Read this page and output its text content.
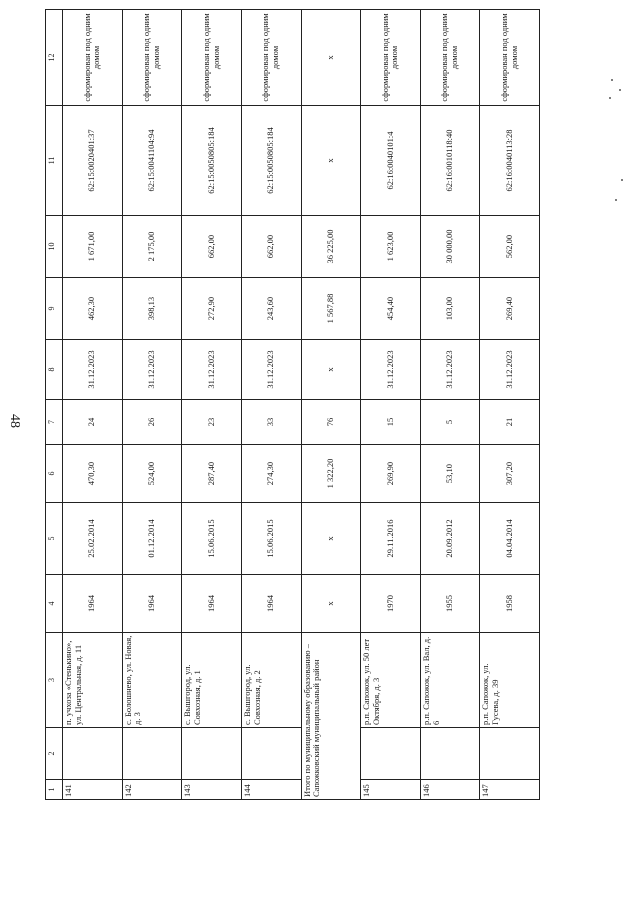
48
1	2	3	4	5	6	7	8	9	10	11	12
141		п. учхоза «Стенькино», ул. Центральная, д. 11	1964	25.02.2014	470,30	24	31.12.2023	462,30	1 671,00	62:15:0020401:37	сформирован под одним домом
142		с. Болошнево, ул. Новая, д. 3	1964	01.12.2014	524,00	26	31.12.2023	398,13	2 175,00	62:15:0041104:94	сформирован под одним домом
143		с. Вышгород, ул. Совхозная, д. 1	1964	15.06.2015	287,40	23	31.12.2023	272,90	662,00	62:15:0050805:184	сформирован под одним домом
144		с. Вышгород, ул. Совхозная, д. 2	1964	15.06.2015	274,30	33	31.12.2023	243,60	662,00	62:15:0050805:184	сформирован под одним домом
Итого по муниципальному образованию – Сапожковский муниципальный район			x	x	1 322,20	76	x	1 567,88	36 225,00	x	x
145		р.п. Сапожок, ул. 50 лет Октября, д. 3	1970	29.11.2016	269,90	15	31.12.2023	454,40	1 623,00	62:16:0040101:4	сформирован под одним домом
146		р.п. Сапожок, ул. Вал, д. 6	1955	20.09.2012	53,10	5	31.12.2023	103,00	30 000,00	62:16:0010118:40	сформирован под одним домом
147		р.п. Сапожок, ул. Гусева, д. 39	1958	04.04.2014	307,20	21	31.12.2023	269,40	562,00	62:16:0040113:28	сформирован под одним домом
